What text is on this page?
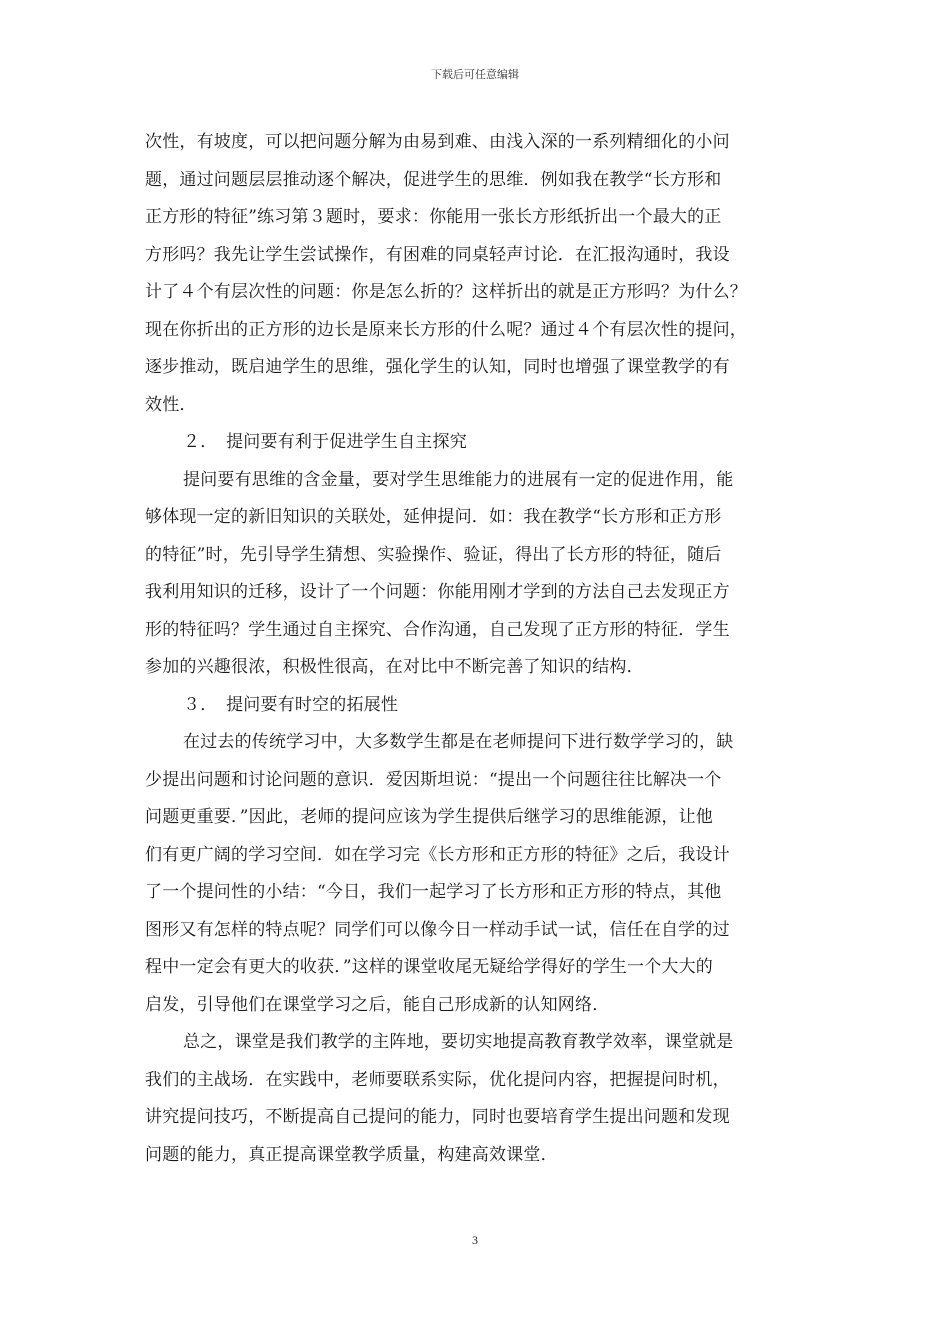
下载后可任意编辑
次性，有坡度，可以把问题分解为由易到难、由浅入深的一系列精细化的小问
题，通过问题层层推动逐个解决，促进学生的思维．例如我在教学“长方形和
正方形的特征”练习第３题时，要求：你能用一张长方形纸折出一个最大的正
方形吗？我先让学生尝试操作，有困难的同桌轻声讨论．在汇报沟通时，我设
计了４个有层次性的问题：你是怎么折的？这样折出的就是正方形吗？为什么？
现在你折出的正方形的边长是原来长方形的什么呢？通过４个有层次性的提问，
逐步推动，既启迪学生的思维，强化学生的认知，同时也增强了课堂教学的有
效性．
２．　提问要有利于促进学生自主探究
提问要有思维的含金量，要对学生思维能力的进展有一定的促进作用，能
够体现一定的新旧知识的关联处，延伸提问．如：我在教学“长方形和正方形
的特征”时，先引导学生猜想、实验操作、验证，得出了长方形的特征，随后
我利用知识的迁移，设计了一个问题：你能用刚才学到的方法自己去发现正方
形的特征吗？学生通过自主探究、合作沟通，自己发现了正方形的特征．学生
参加的兴趣很浓，积极性很高，在对比中不断完善了知识的结构．
３．　提问要有时空的拓展性
在过去的传统学习中，大多数学生都是在老师提问下进行数学学习的，缺
少提出问题和讨论问题的意识．爱因斯坦说：“提出一个问题往往比解决一个
问题更重要．”因此，老师的提问应该为学生提供后继学习的思维能源，让他
们有更广阔的学习空间．如在学习完《长方形和正方形的特征》之后，我设计
了一个提问性的小结：“今日，我们一起学习了长方形和正方形的特点，其他
图形又有怎样的特点呢？同学们可以像今日一样动手试一试，信任在自学的过
程中一定会有更大的收获．”这样的课堂收尾无疑给学得好的学生一个大大的
启发，引导他们在课堂学习之后，能自己形成新的认知网络．
总之，课堂是我们教学的主阵地，要切实地提高教育教学效率，课堂就是
我们的主战场．在实践中，老师要联系实际，优化提问内容，把握提问时机，
讲究提问技巧，不断提高自己提问的能力，同时也要培育学生提出问题和发现
问题的能力，真正提高课堂教学质量，构建高效课堂．
3
